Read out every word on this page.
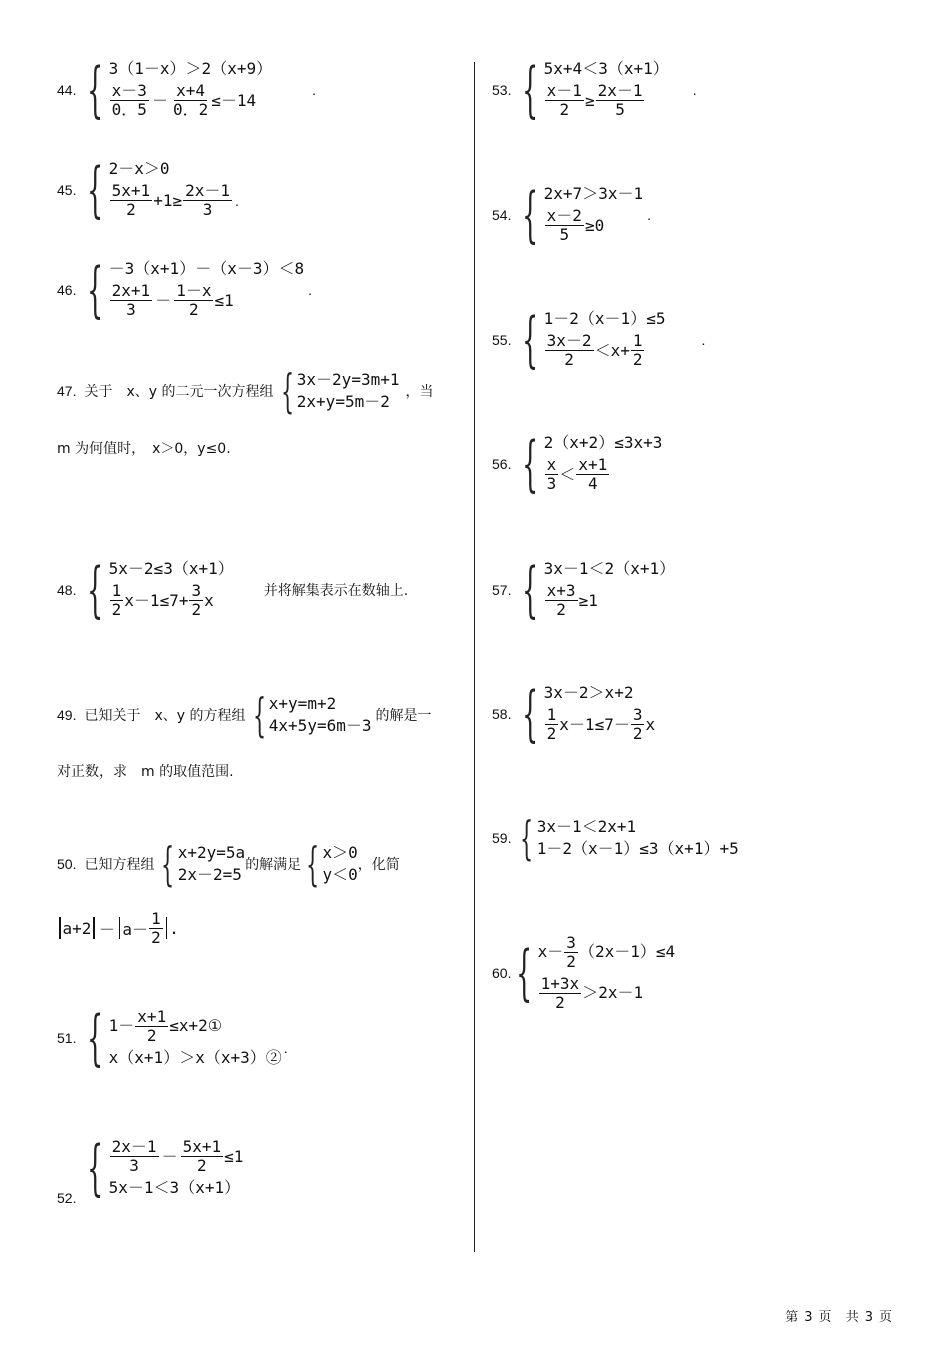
44. { 3（1－x）＞2（x+9）
$\frac{x-3}{0.5} - \frac{x+4}{0.2} \le-14$
.
45. { 2－x＞0
$\frac{5x+1}{2} +1\ge \frac{2x-1}{3}$ .
46. { －3（x+1）－（x－3）＜8
$\frac{2x+1}{3} - \frac{1-x}{2} \le 1$
.
47. 关于　x、y 的二元一次方程组 { 3x－2y=3m+1
2x+y=5m－2	，当
m 为何值时，　x＞0，y≤0.
48. { 5x－2≤3（x+1）
$\frac{1}{2} x-1\le 7+ \frac{3}{2}$ x	并将解集表示在数轴上.
49. 已知关于　x、y 的方程组 { x+y=m+2
4x+5y=6m－3 的解是一
对正数，求　m 的取值范围.
50. 已知方程组 { x+2y=5a
2x－2=5 的解满足 { x＞0
y＜0 ，化简
$a+2 - a- \frac{1}{2}$ .
51. { $1- \frac{x+1}{2}$ ≤x+2①
x（x+1）＞x（x+3）②
.
52. { $\frac{2x-1}{3} - \frac{5x+1}{2} \le 1$
5x－1＜3（x+1）
53. { 5x+4＜3（x+1）
$\frac{x-1}{2} \ge \frac{2x-1}{5}$	.
54. { 2x+7＞3x－1
$\frac{x-2}{5} \ge 0$
.
55. { 1－2（x－1）≤5
$\frac{3x-2}{2} <x+ \frac{1}{2}$	.
56. { 2（x+2）≤3x+3
$\frac{x}{3} < \frac{x+1}{4}$
57. { 3x－1＜2（x+1）
$\frac{x+3}{2} \ge 1$
58. { 3x－2＞x+2
$\frac{1}{2} x-1\le 7- \frac{3}{2}$ x
59. { 3x－1＜2x+1
1－2（x－1）≤3（x+1）+5
60. { $x- \frac{3}{2} (2x-1)\le 4$
$\frac{1+3x}{2} >2x-1$
第 3 页 共 3 页
